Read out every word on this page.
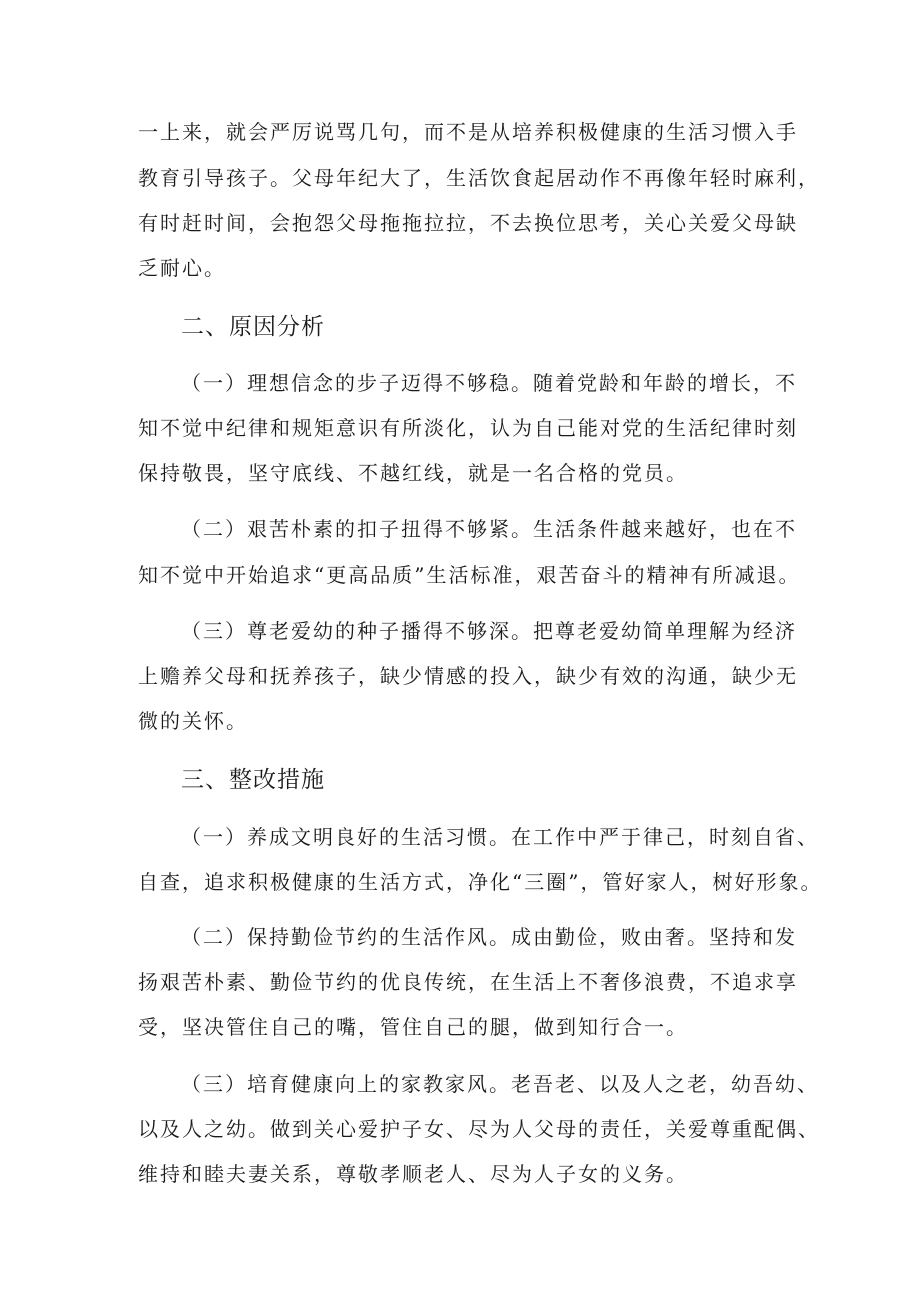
一上来，就会严厉说骂几句，而不是从培养积极健康的生活习惯入手
教育引导孩子。父母年纪大了，生活饮食起居动作不再像年轻时麻利，
有时赶时间，会抱怨父母拖拖拉拉，不去换位思考，关心关爱父母缺
乏耐心。
二、原因分析
（一）理想信念的步子迈得不够稳。随着党龄和年龄的增长，不
知不觉中纪律和规矩意识有所淡化，认为自己能对党的生活纪律时刻
保持敬畏，坚守底线、不越红线，就是一名合格的党员。
（二）艰苦朴素的扣子扭得不够紧。生活条件越来越好，也在不
知不觉中开始追求“更高品质”生活标准，艰苦奋斗的精神有所减退。
（三）尊老爱幼的种子播得不够深。把尊老爱幼简单理解为经济
上赡养父母和抚养孩子，缺少情感的投入，缺少有效的沟通，缺少无
微的关怀。
三、整改措施
（一）养成文明良好的生活习惯。在工作中严于律己，时刻自省、
自查，追求积极健康的生活方式，净化“三圈”，管好家人，树好形象。
（二）保持勤俭节约的生活作风。成由勤俭，败由奢。坚持和发
扬艰苦朴素、勤俭节约的优良传统，在生活上不奢侈浪费，不追求享
受，坚决管住自己的嘴，管住自己的腿，做到知行合一。
（三）培育健康向上的家教家风。老吾老、以及人之老，幼吾幼、
以及人之幼。做到关心爱护子女、尽为人父母的责任，关爱尊重配偶、
维持和睦夫妻关系，尊敬孝顺老人、尽为人子女的义务。
